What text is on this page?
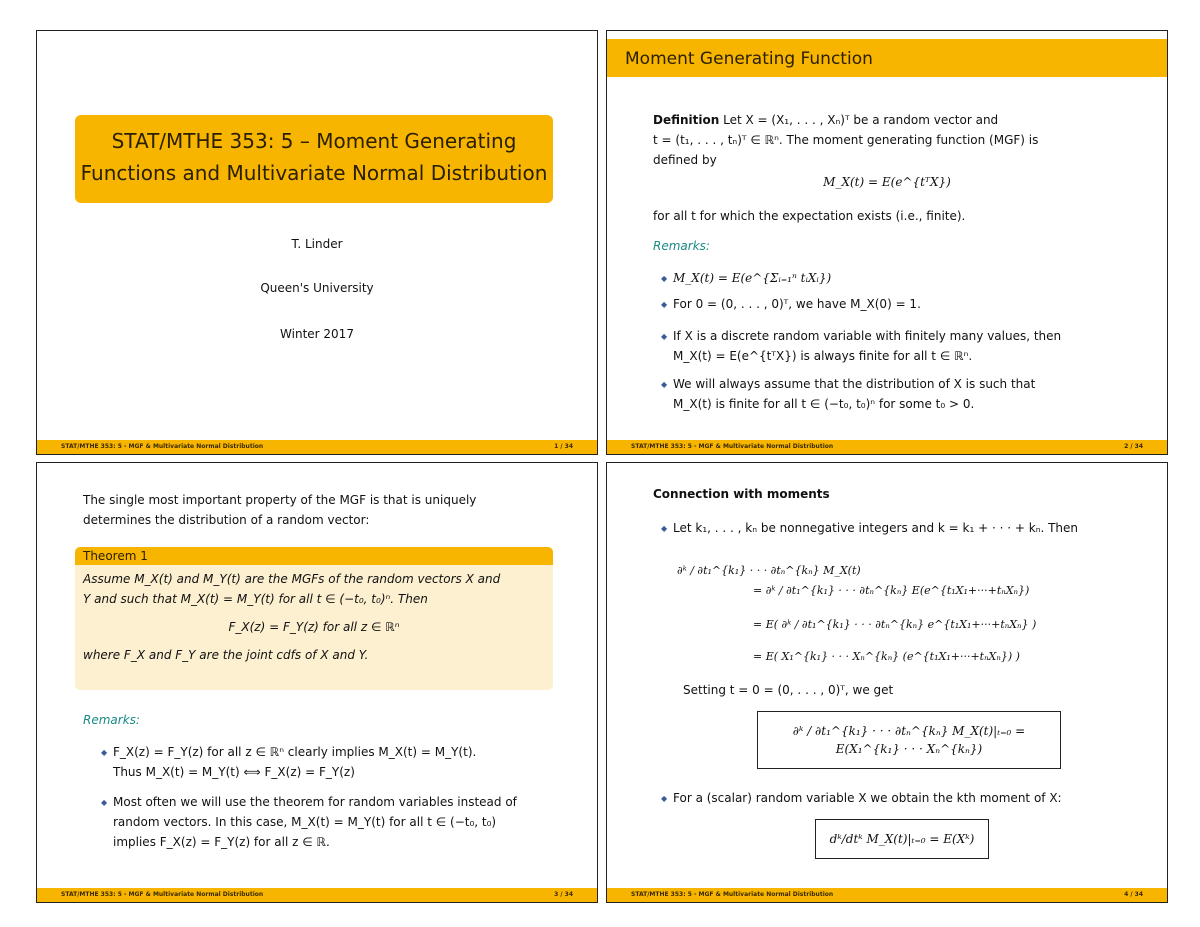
STAT/MTHE 353: 5 – Moment Generating
Functions and Multivariate Normal Distribution
T. Linder
Queen's University
Winter 2017
STAT/MTHE 353: 5 - MGF & Multivariate Normal Distribution	1 / 34
Moment Generating Function
Definition Let X = (X₁, . . . , Xₙ)ᵀ be a random vector and
t = (t₁, . . . , tₙ)ᵀ ∈ ℝⁿ. The moment generating function (MGF) is
defined by
M_X(t) = E(e^{tᵀX})
for all t for which the expectation exists (i.e., finite).
Remarks:
◆ M_X(t) = E(e^{Σᵢ₌₁ⁿ tᵢXᵢ})
◆ For 0 = (0, . . . , 0)ᵀ, we have M_X(0) = 1.
◆ If X is a discrete random variable with finitely many values, then
M_X(t) = E(e^{tᵀX}) is always finite for all t ∈ ℝⁿ.
◆ We will always assume that the distribution of X is such that
M_X(t) is finite for all t ∈ (−t₀, t₀)ⁿ for some t₀ > 0.
STAT/MTHE 353: 5 - MGF & Multivariate Normal Distribution	2 / 34
The single most important property of the MGF is that is uniquely
determines the distribution of a random vector:
Theorem 1
Assume M_X(t) and M_Y(t) are the MGFs of the random vectors X and
Y and such that M_X(t) = M_Y(t) for all t ∈ (−t₀, t₀)ⁿ. Then
F_X(z) = F_Y(z) for all z ∈ ℝⁿ
where F_X and F_Y are the joint cdfs of X and Y.
Remarks:
◆ F_X(z) = F_Y(z) for all z ∈ ℝⁿ clearly implies M_X(t) = M_Y(t).
Thus M_X(t) = M_Y(t) ⟺ F_X(z) = F_Y(z)
◆ Most often we will use the theorem for random variables instead of
random vectors. In this case, M_X(t) = M_Y(t) for all t ∈ (−t₀, t₀)
implies F_X(z) = F_Y(z) for all z ∈ ℝ.
STAT/MTHE 353: 5 - MGF & Multivariate Normal Distribution	3 / 34
Connection with moments
◆ Let k₁, . . . , kₙ be nonnegative integers and k = k₁ + · · · + kₙ. Then
∂ᵏ / ∂t₁^{k₁} · · · ∂tₙ^{kₙ} M_X(t)
= ∂ᵏ / ∂t₁^{k₁} · · · ∂tₙ^{kₙ} E(e^{t₁X₁+···+tₙXₙ})
= E( ∂ᵏ / ∂t₁^{k₁} · · · ∂tₙ^{kₙ} e^{t₁X₁+···+tₙXₙ} )
= E( X₁^{k₁} · · · Xₙ^{kₙ} (e^{t₁X₁+···+tₙXₙ}) )
Setting t = 0 = (0, . . . , 0)ᵀ, we get
∂ᵏ / ∂t₁^{k₁} · · · ∂tₙ^{kₙ} M_X(t)|ₜ₌₀ = E(X₁^{k₁} · · · Xₙ^{kₙ})
◆ For a (scalar) random variable X we obtain the kth moment of X:
dᵏ/dtᵏ M_X(t)|ₜ₌₀ = E(Xᵏ)
STAT/MTHE 353: 5 - MGF & Multivariate Normal Distribution	4 / 34
